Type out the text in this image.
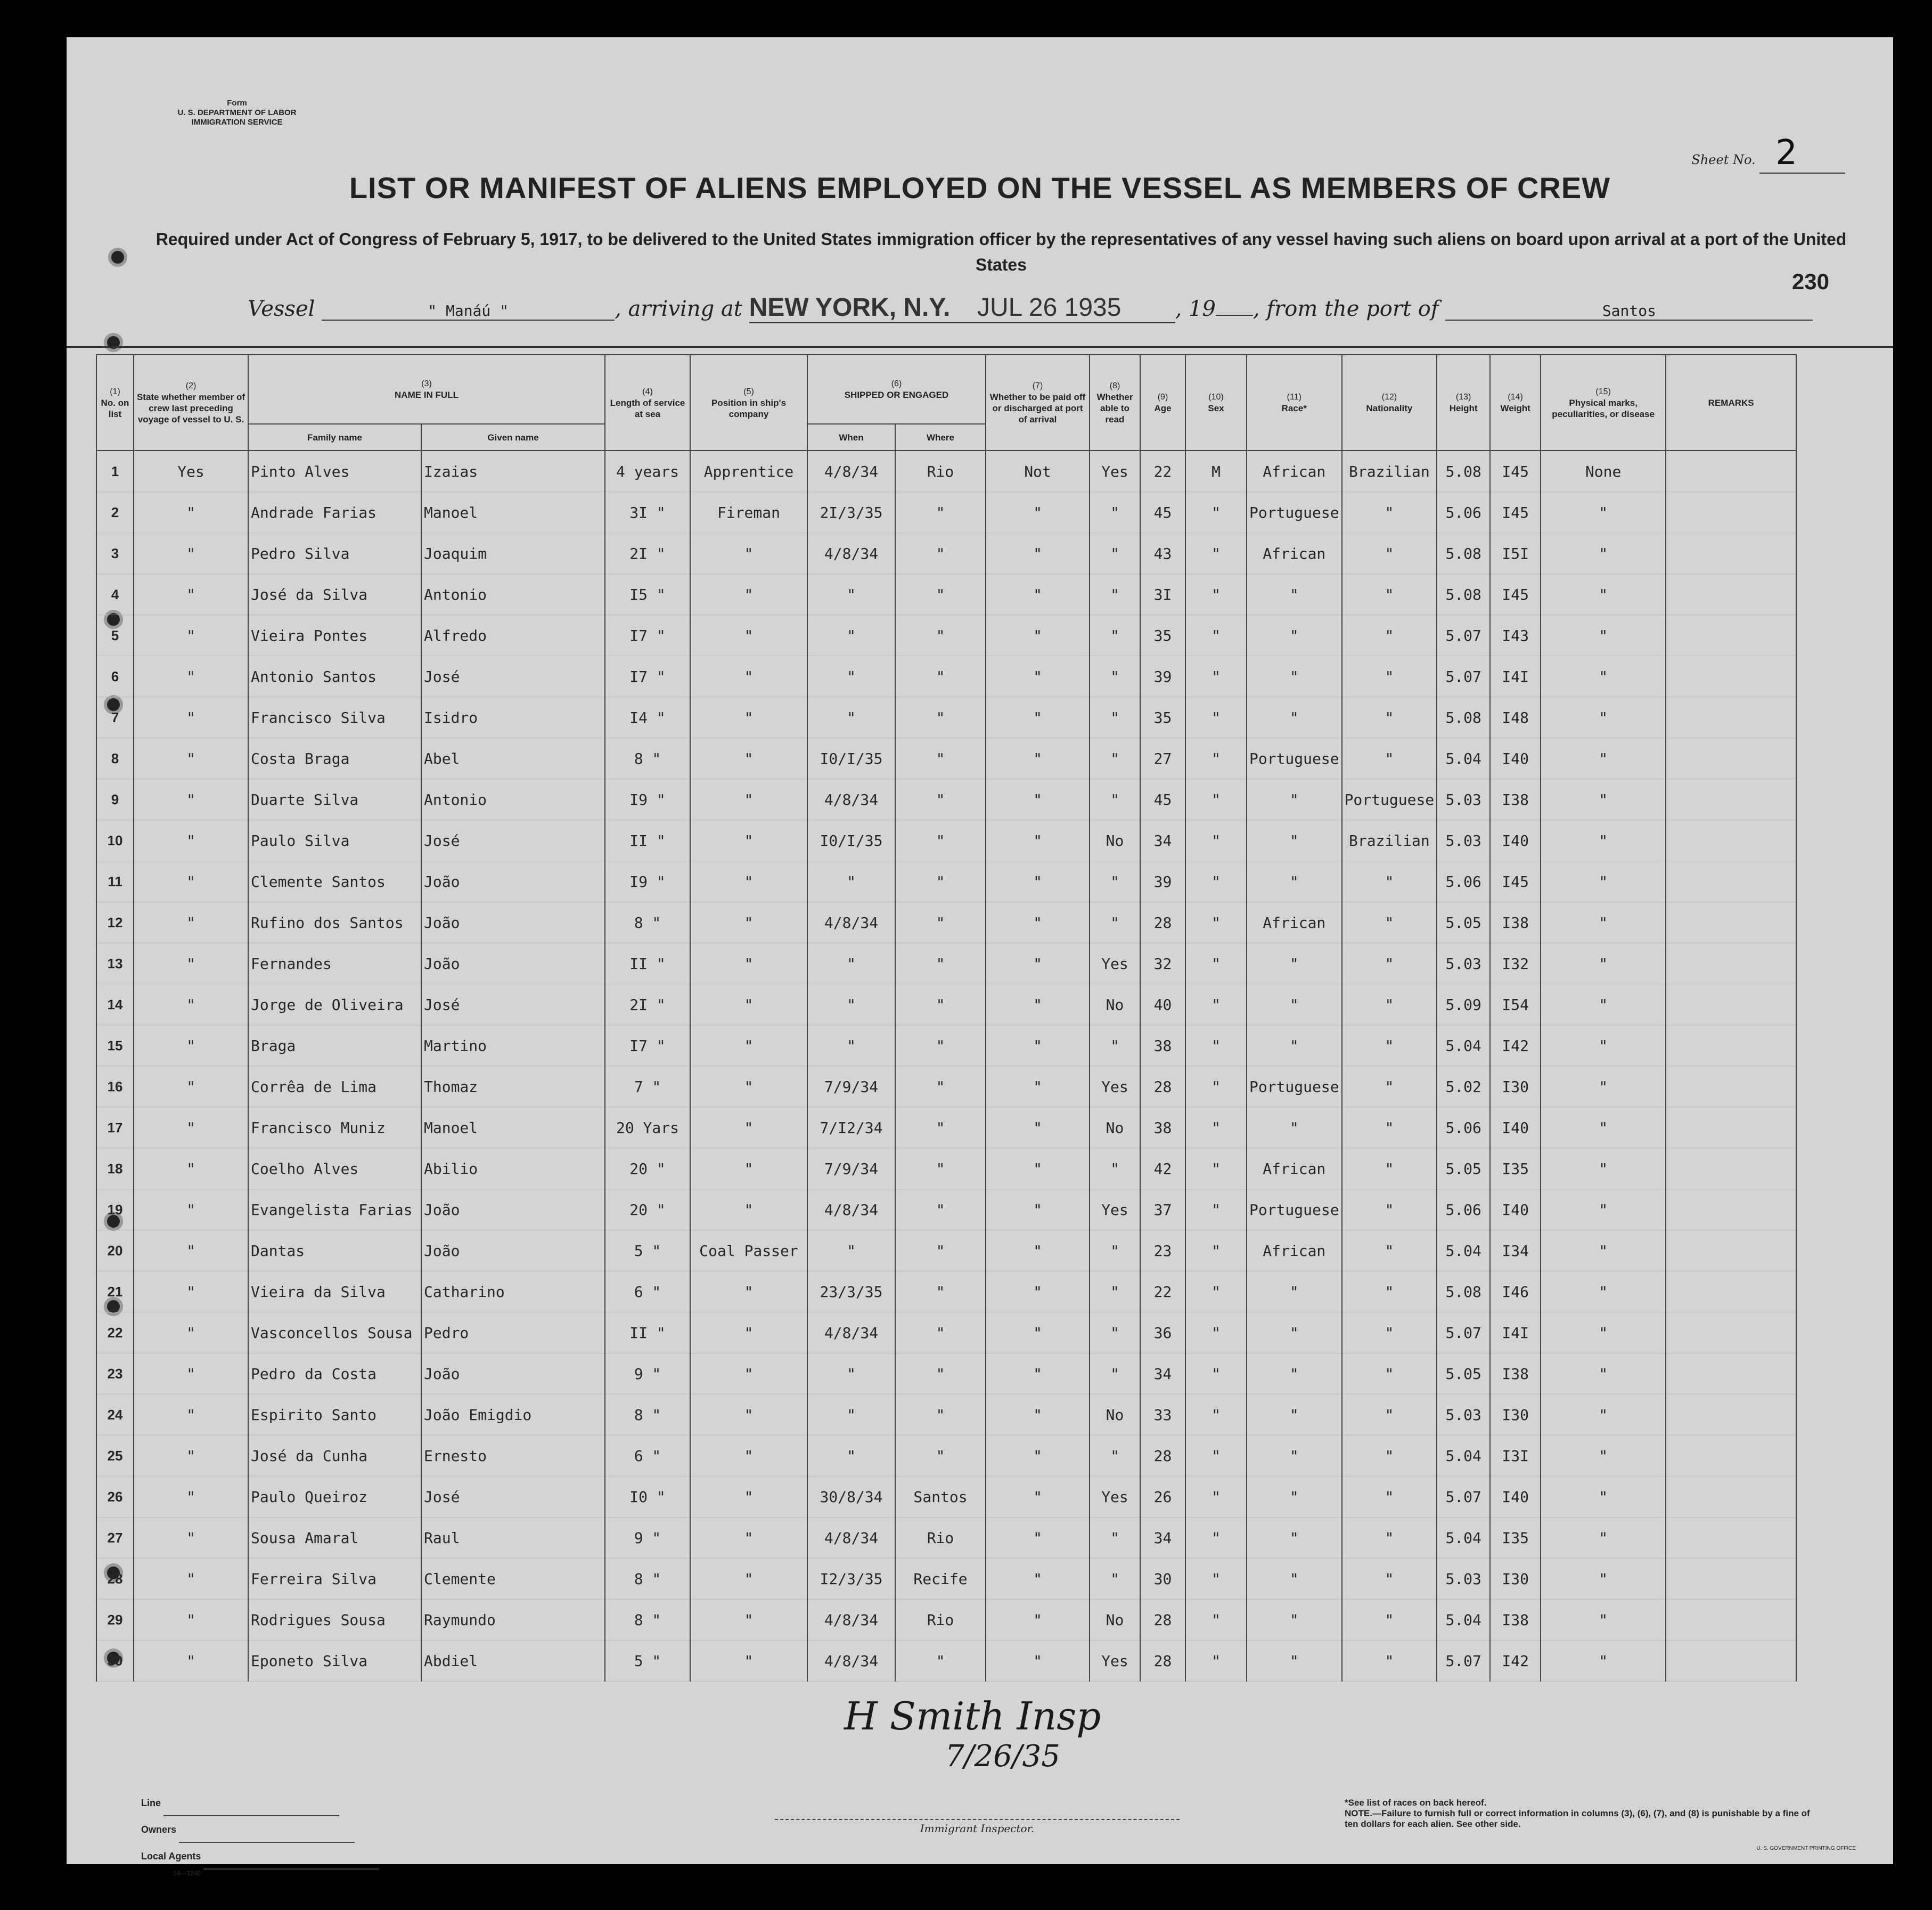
Form
U. S. DEPARTMENT OF LABOR
IMMIGRATION SERVICE
Sheet No. 2
LIST OR MANIFEST OF ALIENS EMPLOYED ON THE VESSEL AS MEMBERS OF CREW
Required under Act of Congress of February 5, 1917, to be delivered to the United States immigration officer by the representatives of any vessel having such aliens on board upon arrival at a port of the United States
230
Vessel	" Manáú "	, arriving at NEW YORK, N.Y. JUL 26 1935	, 19 , from the port of	Santos
(1)
No. on list	(2)
State whether member of crew last preceding voyage of vessel to U. S.	(3)
NAME IN FULL		(4)
Length of service at sea	(5)
Position in ship's company	(6)
SHIPPED OR ENGAGED		(7)
Whether to be paid off or discharged at port of arrival	(8)
Whether able to read	(9)
Age	(10)
Sex	(11)
Race*	(12)
Nationality	(13)
Height	(14)
Weight	(15)
Physical marks, peculiarities, or disease	REMARKS
		Family name	Given name			When	Where										
1	Yes	Pinto Alves	Izaias	4 years	Apprentice	4/8/34	Rio	Not	Yes	22	M	African	Brazilian	5.08	I45	None	
2	"	Andrade Farias	Manoel	3I "	Fireman	2I/3/35	"	"	"	45	"	Portuguese	"	5.06	I45	"	
3	"	Pedro Silva	Joaquim	2I "	"	4/8/34	"	"	"	43	"	African	"	5.08	I5I	"	
4	"	José da Silva	Antonio	I5 "	"	"	"	"	"	3I	"	"	"	5.08	I45	"	
5	"	Vieira Pontes	Alfredo	I7 "	"	"	"	"	"	35	"	"	"	5.07	I43	"	
6	"	Antonio Santos	José	I7 "	"	"	"	"	"	39	"	"	"	5.07	I4I	"	
7	"	Francisco Silva	Isidro	I4 "	"	"	"	"	"	35	"	"	"	5.08	I48	"	
8	"	Costa Braga	Abel	8 "	"	I0/I/35	"	"	"	27	"	Portuguese	"	5.04	I40	"	
9	"	Duarte Silva	Antonio	I9 "	"	4/8/34	"	"	"	45	"	"	Portuguese	5.03	I38	"	
10	"	Paulo Silva	José	II "	"	I0/I/35	"	"	No	34	"	"	Brazilian	5.03	I40	"	
11	"	Clemente Santos	João	I9 "	"	"	"	"	"	39	"	"	"	5.06	I45	"	
12	"	Rufino dos Santos	João	8 "	"	4/8/34	"	"	"	28	"	African	"	5.05	I38	"	
13	"	Fernandes	João	II "	"	"	"	"	Yes	32	"	"	"	5.03	I32	"	
14	"	Jorge de Oliveira	José	2I "	"	"	"	"	No	40	"	"	"	5.09	I54	"	
15	"	Braga	Martino	I7 "	"	"	"	"	"	38	"	"	"	5.04	I42	"	
16	"	Corrêa de Lima	Thomaz	7 "	"	7/9/34	"	"	Yes	28	"	Portuguese	"	5.02	I30	"	
17	"	Francisco Muniz	Manoel	20 Yars	"	7/I2/34	"	"	No	38	"	"	"	5.06	I40	"	
18	"	Coelho Alves	Abilio	20 "	"	7/9/34	"	"	"	42	"	African	"	5.05	I35	"	
19	"	Evangelista Farias	João	20 "	"	4/8/34	"	"	Yes	37	"	Portuguese	"	5.06	I40	"	
20	"	Dantas	João	5 "	Coal Passer	"	"	"	"	23	"	African	"	5.04	I34	"	
21	"	Vieira da Silva	Catharino	6 "	"	23/3/35	"	"	"	22	"	"	"	5.08	I46	"	
22	"	Vasconcellos Sousa	Pedro	II "	"	4/8/34	"	"	"	36	"	"	"	5.07	I4I	"	
23	"	Pedro da Costa	João	9 "	"	"	"	"	"	34	"	"	"	5.05	I38	"	
24	"	Espirito Santo	João Emigdio	8 "	"	"	"	"	No	33	"	"	"	5.03	I30	"	
25	"	José da Cunha	Ernesto	6 "	"	"	"	"	"	28	"	"	"	5.04	I3I	"	
26	"	Paulo Queiroz	José	I0 "	"	30/8/34	Santos	"	Yes	26	"	"	"	5.07	I40	"	
27	"	Sousa Amaral	Raul	9 "	"	4/8/34	Rio	"	"	34	"	"	"	5.04	I35	"	
28	"	Ferreira Silva	Clemente	8 "	"	I2/3/35	Recife	"	"	30	"	"	"	5.03	I30	"	
29	"	Rodrigues Sousa	Raymundo	8 "	"	4/8/34	Rio	"	No	28	"	"	"	5.04	I38	"	
30	"	Eponeto Silva	Abdiel	5 "	"	4/8/34	"	"	Yes	28	"	"	"	5.07	I42	"	
H Smith Insp
7/26/35
Line
Owners
Local Agents
14—1240
Immigrant Inspector.
*See list of races on back hereof.
NOTE.—Failure to furnish full or correct information in columns (3), (6), (7), and (8) is punishable by a fine of ten dollars for each alien. See other side.
U. S. GOVERNMENT PRINTING OFFICE
